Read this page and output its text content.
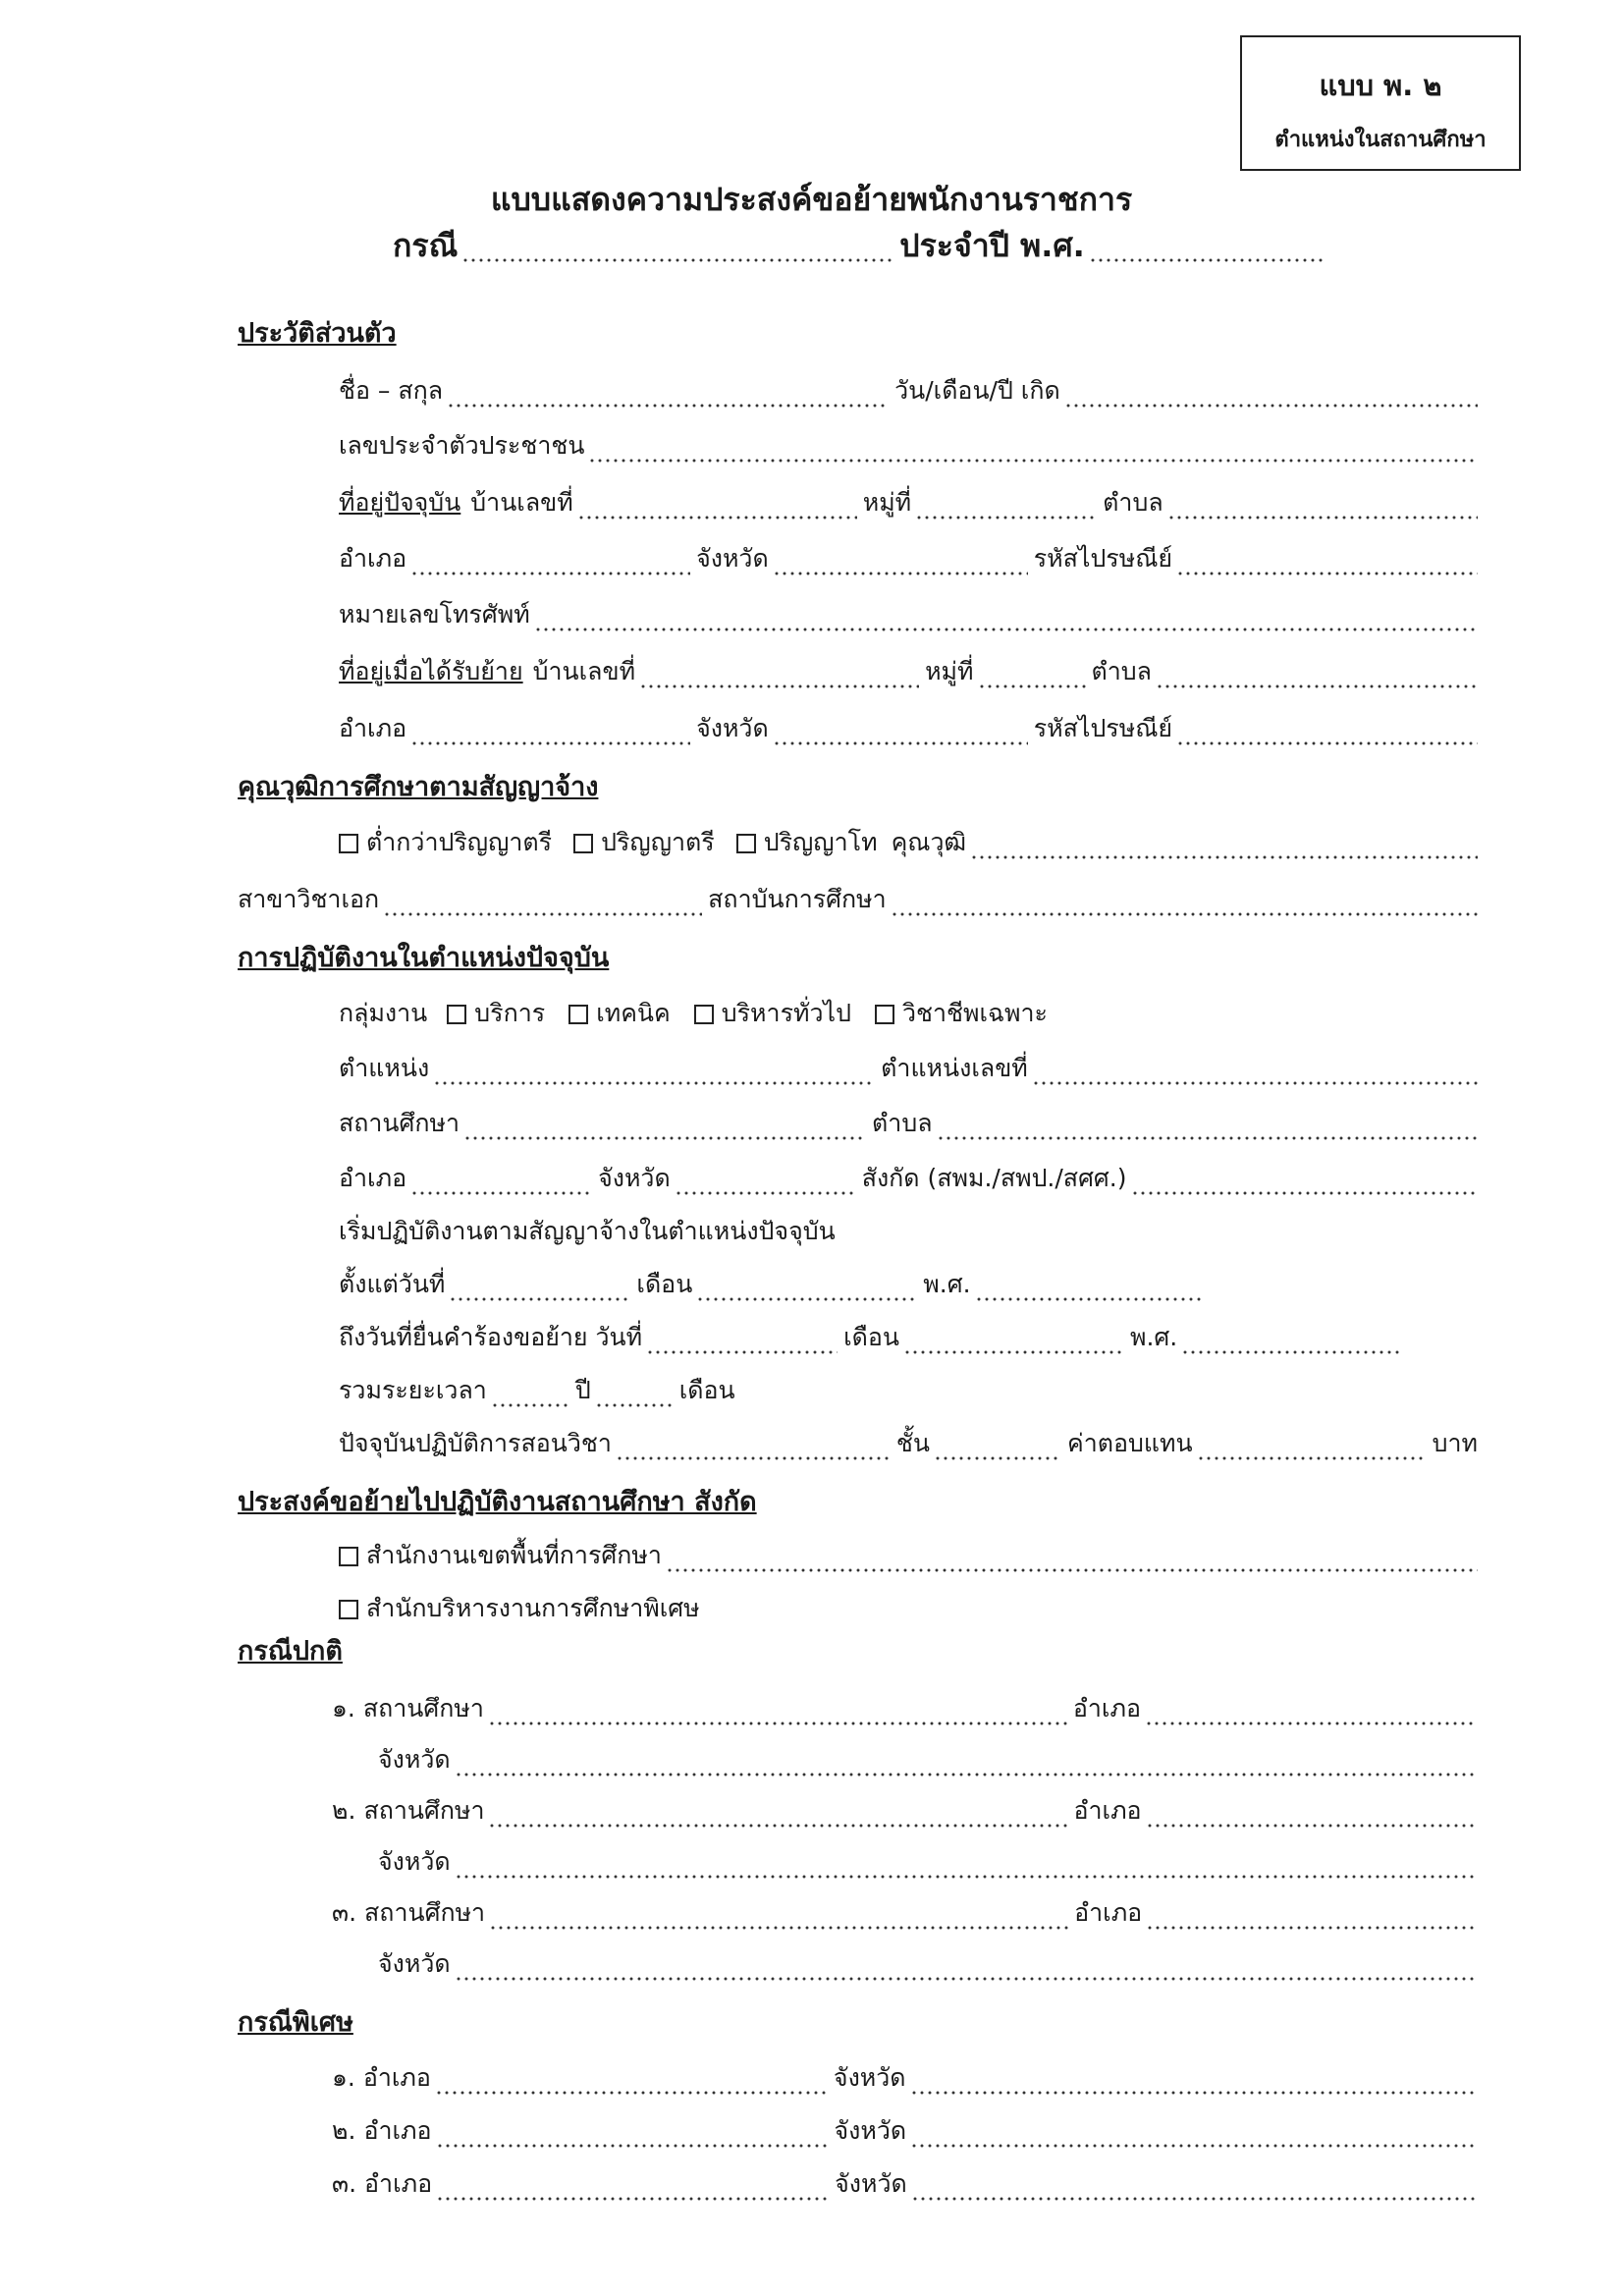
แบบ พ. ๒
ตำแหน่งในสถานศึกษา
แบบแสดงความประสงค์ขอย้ายพนักงานราชการ
กรณี	ประจำปี พ.ศ.
ประวัติส่วนตัว
ชื่อ – สกุล	วัน/เดือน/ปี เกิด
เลขประจำตัวประชาชน
ที่อยู่ปัจจุบัน บ้านเลขที่	หมู่ที่	ตำบล
อำเภอ	จังหวัด	รหัสไปรษณีย์
หมายเลขโทรศัพท์
ที่อยู่เมื่อได้รับย้าย บ้านเลขที่	หมู่ที่	ตำบล
อำเภอ	จังหวัด	รหัสไปรษณีย์
คุณวุฒิการศึกษาตามสัญญาจ้าง
ต่ำกว่าปริญญาตรี ปริญญาตรี ปริญญาโท คุณวุฒิ
สาขาวิชาเอก	สถาบันการศึกษา
การปฏิบัติงานในตำแหน่งปัจจุบัน
กลุ่มงาน บริการ เทคนิค บริหารทั่วไป วิชาชีพเฉพาะ
ตำแหน่ง	ตำแหน่งเลขที่
สถานศึกษา	ตำบล
อำเภอ	จังหวัด	สังกัด (สพม./สพป./สศศ.)
เริ่มปฏิบัติงานตามสัญญาจ้างในตำแหน่งปัจจุบัน
ตั้งแต่วันที่	เดือน	พ.ศ.
ถึงวันที่ยื่นคำร้องขอย้าย วันที่	เดือน	พ.ศ.
รวมระยะเวลา	ปี	เดือน
ปัจจุบันปฏิบัติการสอนวิชา	ชั้น	ค่าตอบแทน	บาท
ประสงค์ขอย้ายไปปฏิบัติงานสถานศึกษา สังกัด
สำนักงานเขตพื้นที่การศึกษา
สำนักบริหารงานการศึกษาพิเศษ
กรณีปกติ
๑. สถานศึกษา	อำเภอ
จังหวัด
๒. สถานศึกษา	อำเภอ
จังหวัด
๓. สถานศึกษา	อำเภอ
จังหวัด
กรณีพิเศษ
๑. อำเภอ	จังหวัด
๒. อำเภอ	จังหวัด
๓. อำเภอ	จังหวัด
